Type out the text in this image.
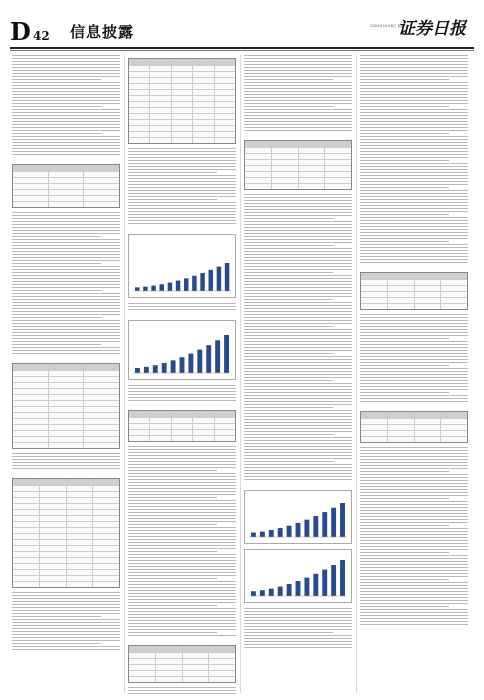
D 42 信息披露	2024年10月8日 星期二
证券日报
